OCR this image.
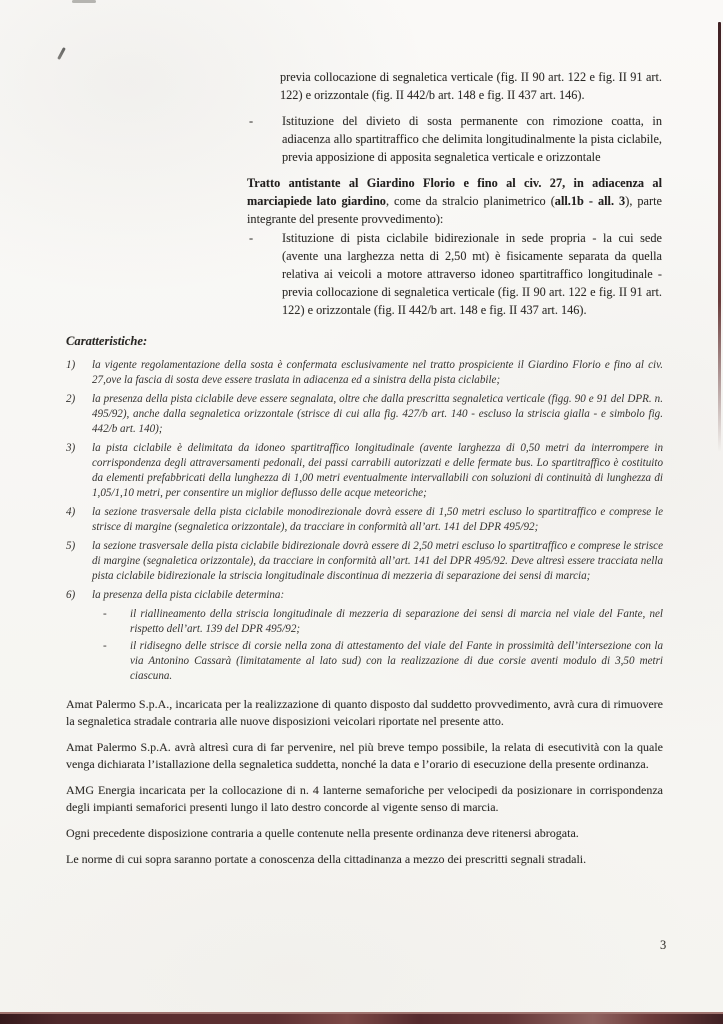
previa collocazione di segnaletica verticale (fig. II 90 art. 122 e fig. II 91 art. 122) e orizzontale (fig. II 442/b art. 148 e fig. II 437 art. 146).

-	Istituzione del divieto di sosta permanente con rimozione coatta, in adiacenza allo spartitraffico che delimita longitudinalmente la pista ciclabile, previa apposizione di apposita segnaletica verticale e orizzontale

Tratto antistante al Giardino Florio e fino al civ. 27, in adiacenza al marciapiede lato giardino, come da stralcio planimetrico (all.1b - all. 3), parte integrante del presente provvedimento):

-	Istituzione di pista ciclabile bidirezionale in sede propria - la cui sede (avente una larghezza netta di 2,50 mt) è fisicamente separata da quella relativa ai veicoli a motore attraverso idoneo spartitraffico longitudinale - previa collocazione di segnaletica verticale (fig. II 90 art. 122 e fig. II 91 art. 122) e orizzontale (fig. II 442/b art. 148 e fig. II 437 art. 146).

Caratteristiche:

1)	la vigente regolamentazione della sosta è confermata esclusivamente nel tratto prospiciente il Giardino Florio e fino al civ. 27,ove la fascia di sosta deve essere traslata in adiacenza ed a sinistra della pista ciclabile;
2)	la presenza della pista ciclabile deve essere segnalata, oltre che dalla prescritta segnaletica verticale (figg. 90 e 91 del DPR. n. 495/92), anche dalla segnaletica orizzontale (strisce di cui alla fig. 427/b art. 140 - escluso la striscia gialla - e simbolo fig. 442/b art. 140);
3)	la pista ciclabile è delimitata da idoneo spartitraffico longitudinale (avente larghezza di 0,50 metri da interrompere in corrispondenza degli attraversamenti pedonali, dei passi carrabili autorizzati e delle fermate bus. Lo spartitraffico è costituito da elementi prefabbricati della lunghezza di 1,00 metri eventualmente intervallabili con soluzioni di continuità di lunghezza di 1,05/1,10 metri, per consentire un miglior deflusso delle acque meteoriche;
4)	la sezione trasversale della pista ciclabile monodirezionale dovrà essere di 1,50 metri escluso lo spartitraffico e comprese le strisce di margine (segnaletica orizzontale), da tracciare in conformità all’art. 141 del DPR 495/92;
5)	la sezione trasversale della pista ciclabile bidirezionale dovrà essere di 2,50 metri escluso lo spartitraffico e comprese le strisce di margine (segnaletica orizzontale), da tracciare in conformità all’art. 141 del DPR 495/92. Deve altresì essere tracciata nella pista ciclabile bidirezionale la striscia longitudinale discontinua di mezzeria di separazione dei sensi di marcia;
6)	la presenza della pista ciclabile determina:
-	il riallineamento della striscia longitudinale di mezzeria di separazione dei sensi di marcia nel viale del Fante, nel rispetto dell’art. 139 del DPR 495/92;
-	il ridisegno delle strisce di corsie nella zona di attestamento del viale del Fante in prossimità dell’intersezione con la via Antonino Cassarà (limitatamente al lato sud) con la realizzazione di due corsie aventi modulo di 3,50 metri ciascuna.

Amat Palermo S.p.A., incaricata per la realizzazione di quanto disposto dal suddetto provvedimento, avrà cura di rimuovere la segnaletica stradale contraria alle nuove disposizioni veicolari riportate nel presente atto.

Amat Palermo S.p.A. avrà altresì cura di far pervenire, nel più breve tempo possibile, la relata di esecutività con la quale venga dichiarata l’istallazione della segnaletica suddetta, nonché la data e l’orario di esecuzione della presente ordinanza.

AMG Energia incaricata per la collocazione di n. 4 lanterne semaforiche per velocipedi da posizionare in corrispondenza degli impianti semaforici presenti lungo il lato destro concorde al vigente senso di marcia.

Ogni precedente disposizione contraria a quelle contenute nella presente ordinanza deve ritenersi abrogata.

Le norme di cui sopra saranno portate a conoscenza della cittadinanza a mezzo dei prescritti segnali stradali.

3
